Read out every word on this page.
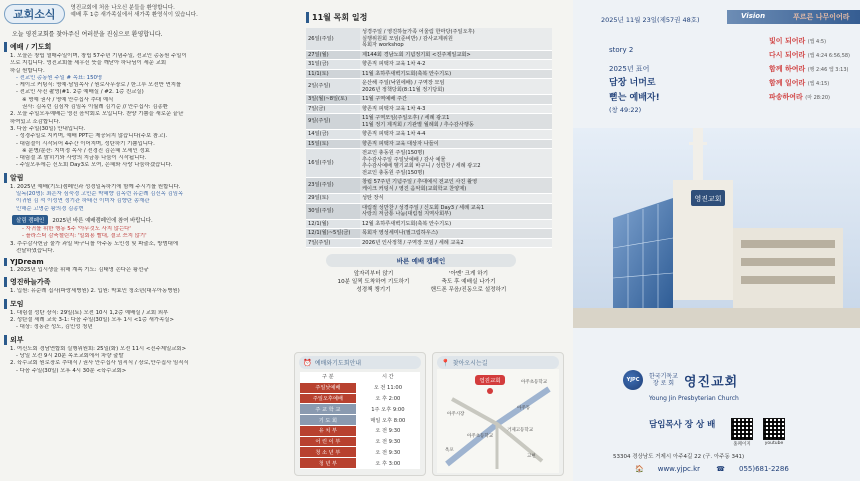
교회소식	영진교회에 처음 나오신 분들을 환영합니다.
예배 후 1층 새가족실에서 새가족 환영식이 있습니다.
오늘 영진교회를 찾아주신 여러분을 진심으로 환영합니다.
예배 / 기도회
1. 오늘은 창립 열매주일이며, 창립 57주년 기념주일, 전교인 총동원 주일이
으로 지킵니다. 영진교회를 세우신 뜻을 깨닫아 하나님이 세운 교회
하길 원합니다.
- 전교인 총동원 주일 # 목표: 150명
- 케이크 커팅식: 명예·담임목사 / 원로사무장로 / 한그루 오전반 연지를
- 전교인 사진 촬영(#1. 2층 예배실 / #2. 1층 친교실)
※ 명예 권사 / 명예 안수집사 추대 예식
권사: 김옥련 김심자 김임옥 이월례 김기순 // 안수집사: 김종환
2. 오늘 주일오후예배는 영진 음악회로 모입니다. 찬양 기쁨을 새로운 끝난
하여있고 소감합니다.
3. 다음 주일(30일) 안내입니다.
- 성경주일로 지키며, 예배 PPT는 제공되지 않습니다(주보 참고).
- 대림절이 시작되어 4주간 이어지며, 성탄하기 기쁨입니다.
※ 분병/분잔: 지미정 목사 / 전경진 김은혜 오세인 정효
- 대림절 초 밝히기와 사랑의 지금통 나눔이 시작됩니다.
- 주일오후에는 신도회 Day3로 모여, 은혜와 사랑 나눔하겠습니다.
알림
1. 2025년 예배(기도)캠페인과 성경일독하기에 함께 주시기를 원합니다.
일독(20명): 최은자 심숙경 고민순 박혜향 김옥련 유순례 김신옥 김임옥
이귀원 김 석 이성연 정기관 하태건 이미자 김향란 송재관
인해순 고명순 황의경 김종현
살림 캠페인	2025년 바른 예배캠페인에 참여 바랍니다.
- 자귀를 위한 행동 5주 '아무것도 사지 않는다'
- 플라스틱 감축챌린지: '일회용 빨대, 결코 쓰지 않기'
3. 추수감사헌금 물가 과일 바구니를 아주동 노인정 및 파출소, 방범대에
전달하였습니다.
YJDream
1. 2025년 입시생을 위해 계속 기도: 김태영 손다은 황선규
영진하늘가족
1. 입원: 유순례 집사(파랑세병원) 2. 입원: 박효민 청소년(대우아동병원)
모임
1. 대림절 성탄 장식: 29일(토) 오전 10시 1,2층 예배실 / 교회 외부
2. 성탄절 세례 교육 3-1: 다음 주일(30일) 오후 1시 <1층 새가족실>
- 대상: 정동관 성도, 김민성 청년
외부
1. 여신도회 경남연합회 실행위원회: 25일(화) 오전 11시 <진주제일교회>
- 당일 오전 9시 20분 목포교회에서 차량 출발
2. 육수교회 원로장로 추대식 / 권사 안수집사 임직식 / 장로,안수집사 임직식
- 다음 주일(30일) 오후 4시 30분 <육수교회>
11월 목회 일정
26일(주일)	성경주일 / 영진하늘가족 어울림 한마당(주일오후)
실행위원회 모임(준비반) / 감사교제위원
목회자 workshop
27일(월)	제144회 경남노회 기념정기회 <진주제일교회>
31일(금)	향존직 피택자 교육 1차 4-2
11/1(토)	11월 초하루새벽기도회(축복 안수기도)
2일(주일)	운산해 주일(낙원에배) / 구역장 모임
2026년 정책당회(8:11월 정기당회)
3일(월)~8일(토)	11월 구역예배 주간
7일(금)	향존직 피택자 교육 1차 4-3
9일(주일)	11월 구역모임(주일오후) / 세례 광고1
11월 정기 제직회 / 기관별 월례회 / 추수감사행동
14일(금)	향존직 피택자 교육 1차 4-4
15일(토)	향존직 피택자 교육 대상자 나들이
16일(주일)	전교인 총동원 주일(150명)
추수감사주일 주일낮예배 / 감사 예물
추수감사예배 벨기교회 바구니 / 성만찬 / 세례 광고2
전교인 총동원 주일(150명)
23일(주일)	창립 57주년 기념주일 / 추대예식 전교인 사진 촬영
케이크 커팅식 / 영진 음악회(교회학교 찬양제)
29일(토)	성탄 장식
30일(주일)	대림절 성만찬 / 성경주일 / 신도회 Day3 / 세례 교육1
사랑의 저금통 나눔(대림절 지역사회부)
12/1(월)	12월 초하루새벽기도회(축복 안수기도)
12/1(월)~5일(금)	목회자 영성세미나(필그림하우스)
7일(주일)	2026년 인사정책 / 구역장 모임 / 세례 교육2
바른 예배 캠페인
앞자리부터 앉기	'아멘' 크게 하기
10분 일찍 도착하여 기도하기	축도 후 예배실 나가기
성경책 챙기기	핸드폰 무음/진동으로 설정하기
⏰ 예배와기도회안내
구 분	시 간
주일낮예배	오 전 11:00
주일오후예배	오 후 2:00
주 교 학 교	1주 오후 9:00
기 도 회	매일 오후 8:00
유 치 부	오 전 9:30
어 린 이 부	오 전 9:30
청 소 년 부	오 전 9:30
청 년 부	오 후 3:00
📍 찾아오시는길
영진교회	아주초등학교
아주동
아주시장
거제고등학교
옥포
고현
아주초등학교
Vision	푸르른 나무이어라
2025년 11월 23일(제57권 48호)
story 2
2025년 표어
담장 너머로
뻗는 예배자!
(창 49:22)
빛이 되어라 (앱 4:5)
다시 되어라 (앱 4:24 6:56,58)
함께 하여라 (행 2:46 엡 3:13)
함께 일어라 (엡 4:15)
파송하여라 (마 28:20)
영진교회
YJPC
한국기독교
장 로 회 영진교회
Young Jin Presbyterian Church
담임목사 장 상 배
홈페이지	youtube
53304 경상남도 거제시 아주4길 22 (구. 아주동 341)
🏠 www.yjpc.kr ☎ 055)681-2286
